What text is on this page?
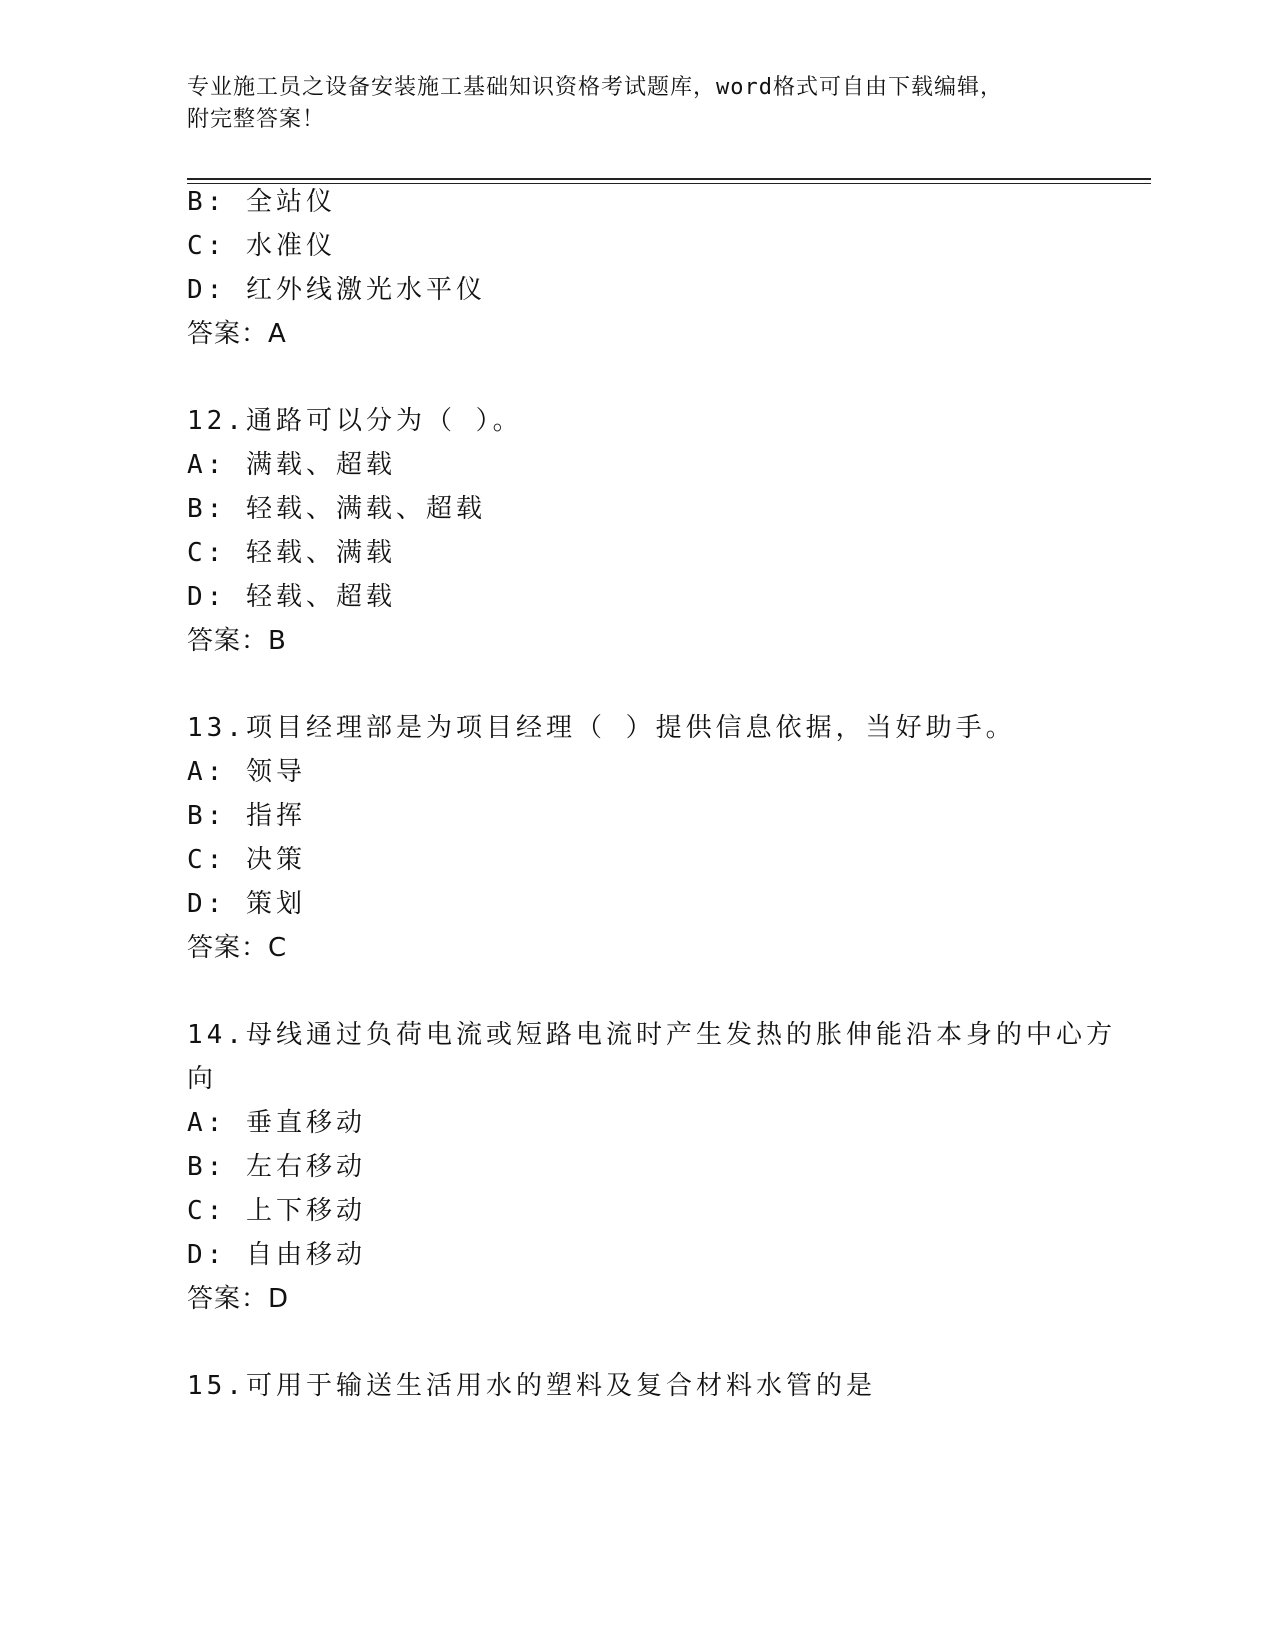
专业施工员之设备安装施工基础知识资格考试题库，word格式可自由下载编辑，
附完整答案！
B: 全站仪
C: 水准仪
D: 红外线激光水平仪
答案：A
12.通路可以分为（ ）。
A: 满载、超载
B: 轻载、满载、超载
C: 轻载、满载
D: 轻载、超载
答案：B
13.项目经理部是为项目经理（ ）提供信息依据，当好助手。
A: 领导
B: 指挥
C: 决策
D: 策划
答案：C
14.母线通过负荷电流或短路电流时产生发热的胀伸能沿本身的中心方
向
A: 垂直移动
B: 左右移动
C: 上下移动
D: 自由移动
答案：D
15.可用于输送生活用水的塑料及复合材料水管的是
